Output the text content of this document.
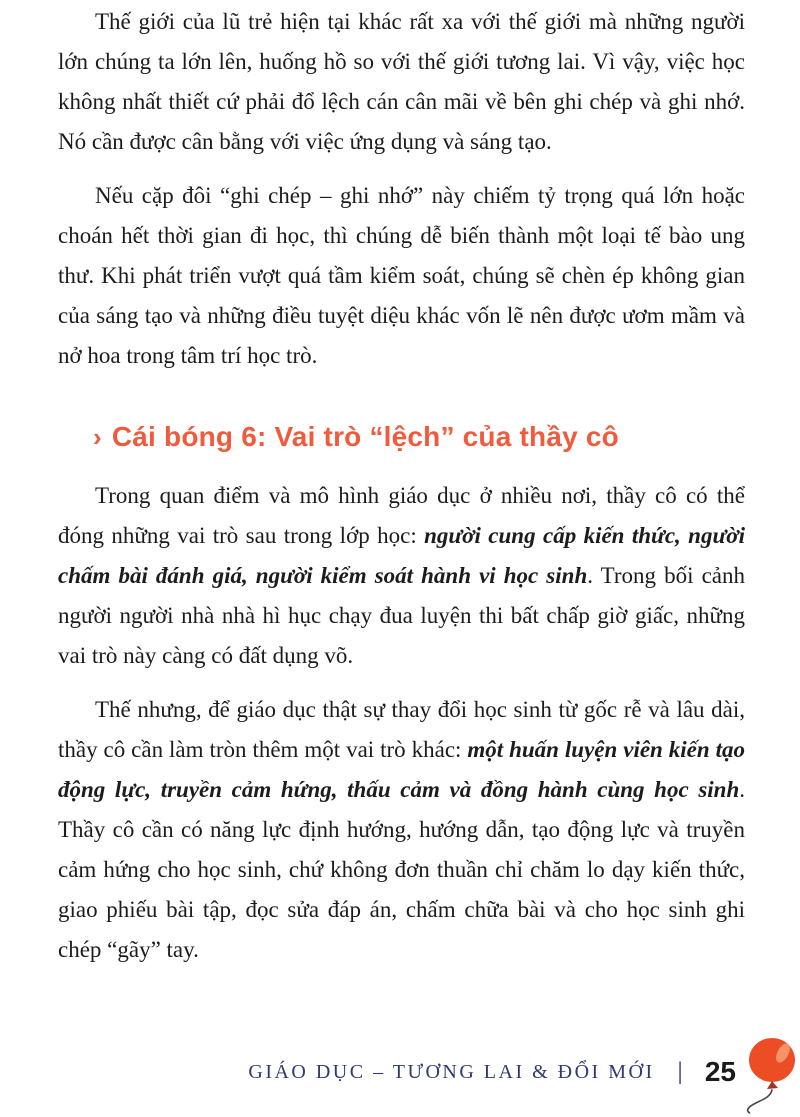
Thế giới của lũ trẻ hiện tại khác rất xa với thế giới mà những người lớn chúng ta lớn lên, huống hồ so với thế giới tương lai. Vì vậy, việc học không nhất thiết cứ phải đổ lệch cán cân mãi về bên ghi chép và ghi nhớ. Nó cần được cân bằng với việc ứng dụng và sáng tạo.

Nếu cặp đôi “ghi chép – ghi nhớ” này chiếm tỷ trọng quá lớn hoặc choán hết thời gian đi học, thì chúng dễ biến thành một loại tế bào ung thư. Khi phát triển vượt quá tầm kiểm soát, chúng sẽ chèn ép không gian của sáng tạo và những điều tuyệt diệu khác vốn lẽ nên được ươm mầm và nở hoa trong tâm trí học trò.

› Cái bóng 6: Vai trò “lệch” của thầy cô

Trong quan điểm và mô hình giáo dục ở nhiều nơi, thầy cô có thể đóng những vai trò sau trong lớp học: người cung cấp kiến thức, người chấm bài đánh giá, người kiểm soát hành vi học sinh. Trong bối cảnh người người nhà nhà hì hục chạy đua luyện thi bất chấp giờ giấc, những vai trò này càng có đất dụng võ.

Thế nhưng, để giáo dục thật sự thay đổi học sinh từ gốc rễ và lâu dài, thầy cô cần làm tròn thêm một vai trò khác: một huấn luyện viên kiến tạo động lực, truyền cảm hứng, thấu cảm và đồng hành cùng học sinh. Thầy cô cần có năng lực định hướng, hướng dẫn, tạo động lực và truyền cảm hứng cho học sinh, chứ không đơn thuần chỉ chăm lo dạy kiến thức, giao phiếu bài tập, đọc sửa đáp án, chấm chữa bài và cho học sinh ghi chép “gãy” tay.

GIÁO DỤC – TƯƠNG LAI & ĐỔI MỚI | 25
